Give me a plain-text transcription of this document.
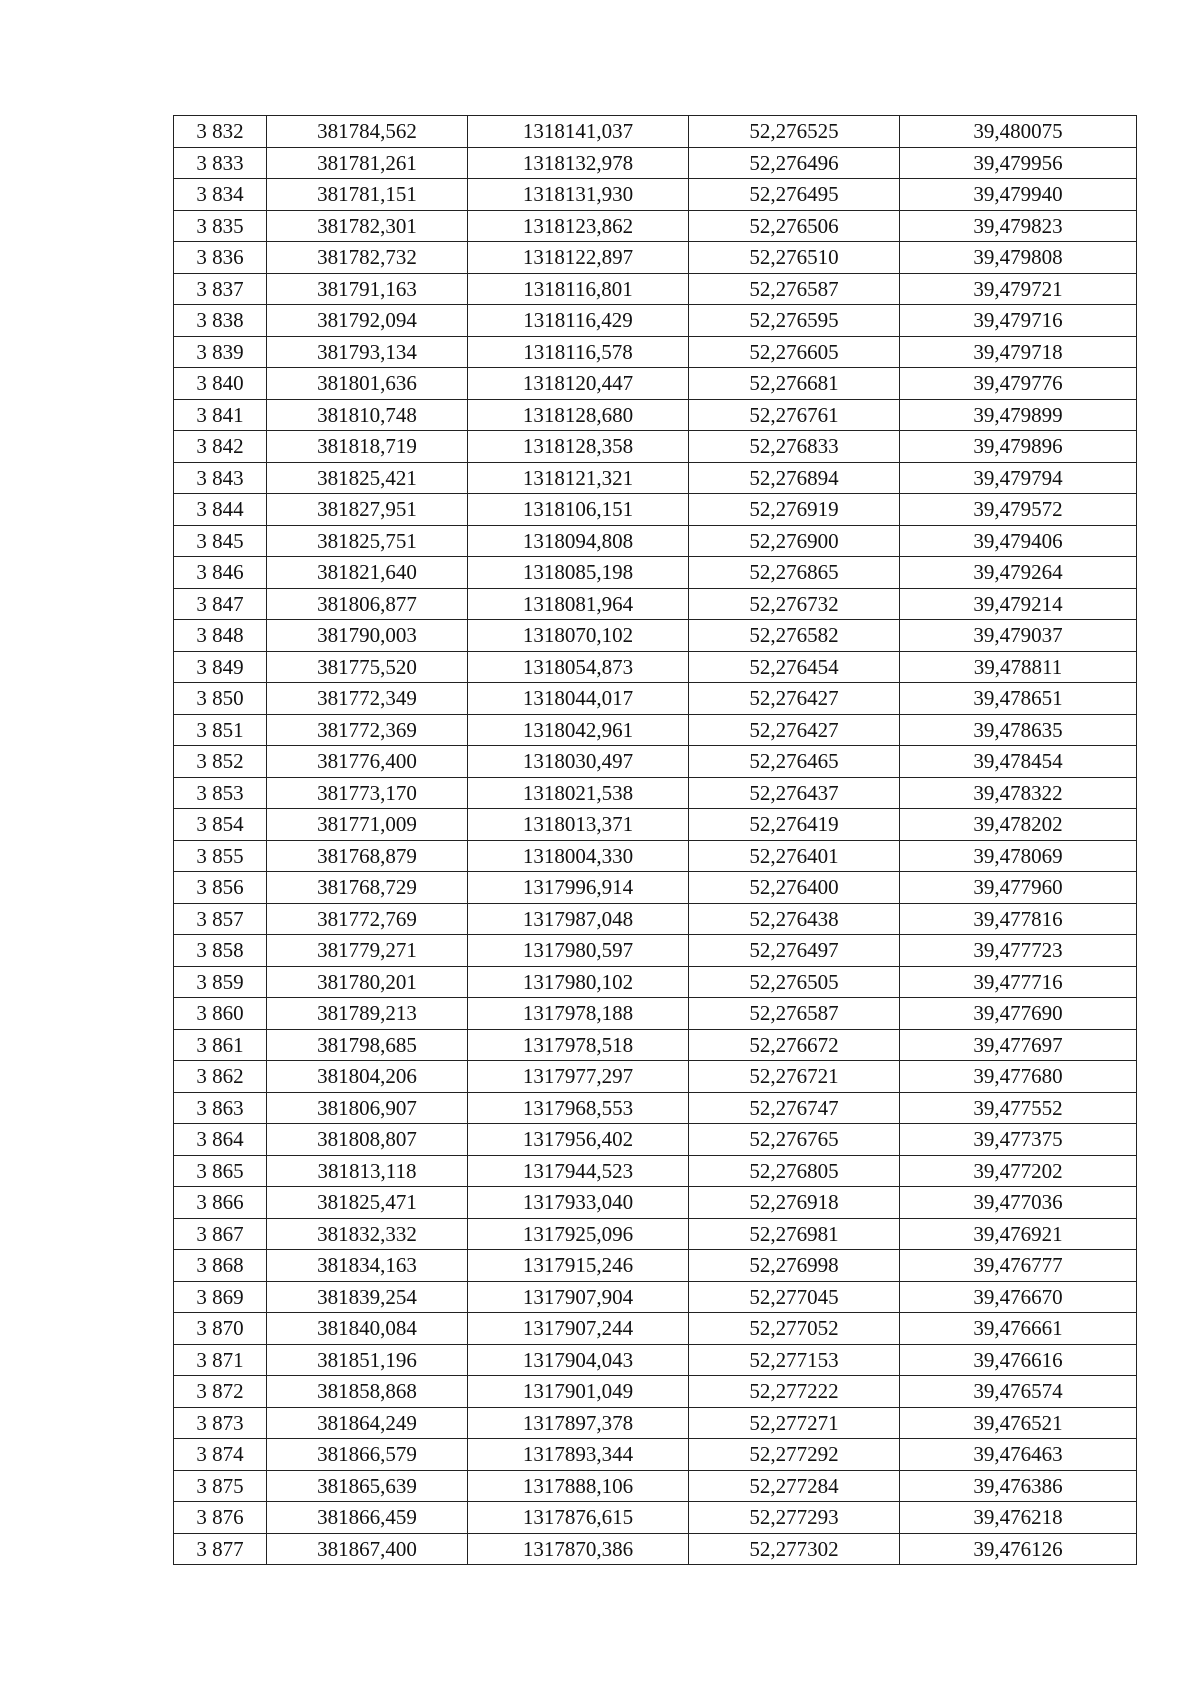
3 832	381784,562	1318141,037	52,276525	39,480075
3 833	381781,261	1318132,978	52,276496	39,479956
3 834	381781,151	1318131,930	52,276495	39,479940
3 835	381782,301	1318123,862	52,276506	39,479823
3 836	381782,732	1318122,897	52,276510	39,479808
3 837	381791,163	1318116,801	52,276587	39,479721
3 838	381792,094	1318116,429	52,276595	39,479716
3 839	381793,134	1318116,578	52,276605	39,479718
3 840	381801,636	1318120,447	52,276681	39,479776
3 841	381810,748	1318128,680	52,276761	39,479899
3 842	381818,719	1318128,358	52,276833	39,479896
3 843	381825,421	1318121,321	52,276894	39,479794
3 844	381827,951	1318106,151	52,276919	39,479572
3 845	381825,751	1318094,808	52,276900	39,479406
3 846	381821,640	1318085,198	52,276865	39,479264
3 847	381806,877	1318081,964	52,276732	39,479214
3 848	381790,003	1318070,102	52,276582	39,479037
3 849	381775,520	1318054,873	52,276454	39,478811
3 850	381772,349	1318044,017	52,276427	39,478651
3 851	381772,369	1318042,961	52,276427	39,478635
3 852	381776,400	1318030,497	52,276465	39,478454
3 853	381773,170	1318021,538	52,276437	39,478322
3 854	381771,009	1318013,371	52,276419	39,478202
3 855	381768,879	1318004,330	52,276401	39,478069
3 856	381768,729	1317996,914	52,276400	39,477960
3 857	381772,769	1317987,048	52,276438	39,477816
3 858	381779,271	1317980,597	52,276497	39,477723
3 859	381780,201	1317980,102	52,276505	39,477716
3 860	381789,213	1317978,188	52,276587	39,477690
3 861	381798,685	1317978,518	52,276672	39,477697
3 862	381804,206	1317977,297	52,276721	39,477680
3 863	381806,907	1317968,553	52,276747	39,477552
3 864	381808,807	1317956,402	52,276765	39,477375
3 865	381813,118	1317944,523	52,276805	39,477202
3 866	381825,471	1317933,040	52,276918	39,477036
3 867	381832,332	1317925,096	52,276981	39,476921
3 868	381834,163	1317915,246	52,276998	39,476777
3 869	381839,254	1317907,904	52,277045	39,476670
3 870	381840,084	1317907,244	52,277052	39,476661
3 871	381851,196	1317904,043	52,277153	39,476616
3 872	381858,868	1317901,049	52,277222	39,476574
3 873	381864,249	1317897,378	52,277271	39,476521
3 874	381866,579	1317893,344	52,277292	39,476463
3 875	381865,639	1317888,106	52,277284	39,476386
3 876	381866,459	1317876,615	52,277293	39,476218
3 877	381867,400	1317870,386	52,277302	39,476126
